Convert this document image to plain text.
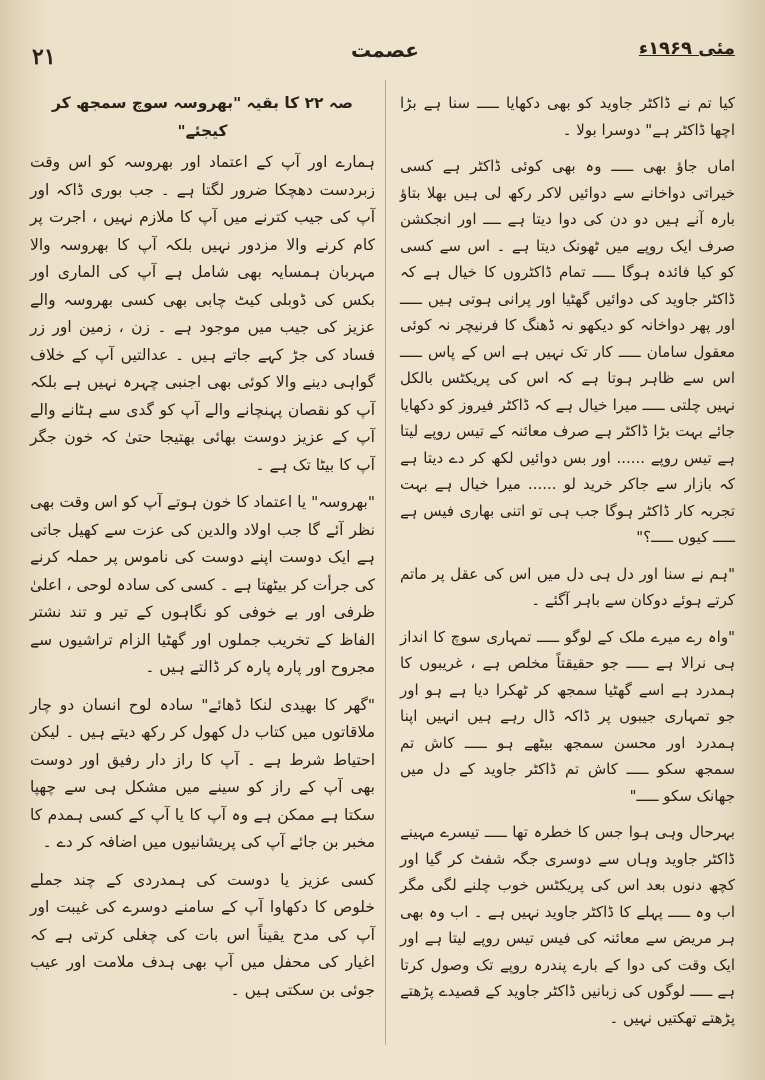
۲۱	عصمت	مئی ۱۹۶۹ء

کیا تم نے ڈاکٹر جاوید کو بھی دکھایا ـــــ سنا ہے بڑا اچھا ڈاکٹر ہے" دوسرا بولا ۔

اماں جاؤ بھی ـــــ وہ بھی کوئی ڈاکٹر ہے کسی خیراتی دواخانے سے دوائیں لاکر رکھ لی ہیں بھلا بتاؤ بارہ آنے ہیں دو دن کی دوا دیتا ہے ــــ اور انجکشن صرف ایک روپے میں ٹھونک دیتا ہے ۔ اس سے کسی کو کیا فائدہ ہوگا ـــــ تمام ڈاکٹروں کا خیال ہے کہ ڈاکٹر جاوید کی دوائیں گھٹیا اور پرانی ہوتی ہیں ـــــ اور پھر دواخانہ کو دیکھو نہ ڈھنگ کا فرنیچر نہ کوئی معقول سامان ـــــ کار تک نہیں ہے اس کے پاس ـــــ اس سے ظاہر ہوتا ہے کہ اس کی پریکٹس بالکل نہیں چلتی ـــــ میرا خیال ہے کہ ڈاکٹر فیروز کو دکھایا جائے بہت بڑا ڈاکٹر ہے صرف معائنہ کے تیس روپے لیتا ہے تیس روپے ...... اور بس دوائیں لکھ کر دے دیتا ہے کہ بازار سے جاکر خرید لو ...... میرا خیال ہے بہت تجربہ کار ڈاکٹر ہوگا جب ہی تو اتنی بھاری فیس ہے ـــــ کیوں ـــــ؟"

"ہم نے سنا اور دل ہی دل میں اس کی عقل پر ماتم کرتے ہوئے دوکان سے باہر آگئے ۔

"واہ رے میرے ملک کے لوگو ـــــ تمہاری سوچ کا انداز ہی نرالا ہے ـــــ جو حقیقتاً مخلص ہے ، غریبوں کا ہمدرد ہے اسے گھٹیا سمجھ کر ٹھکرا دیا ہے ہو اور جو تمہاری جیبوں پر ڈاکہ ڈال رہے ہیں انہیں اپنا ہمدرد اور محسن سمجھ بیٹھے ہو ـــــ کاش تم سمجھ سکو ـــــ کاش تم ڈاکٹر جاوید کے دل میں جھانک سکو ـــــ"

بہرحال وہی ہوا جس کا خطرہ تھا ـــــ تیسرے مہینے ڈاکٹر جاوید وہاں سے دوسری جگہ شفٹ کر گیا اور کچھ دنوں بعد اس کی پریکٹس خوب چلنے لگی مگر اب وہ ـــــ پہلے کا ڈاکٹر جاوید نہیں ہے ۔ اب وہ بھی ہر مریض سے معائنہ کی فیس تیس روپے لیتا ہے اور ایک وقت کی دوا کے بارے پندرہ روپے تک وصول کرتا ہے ـــــ لوگوں کی زبانیں ڈاکٹر جاوید کے قصیدے پڑھتے پڑھتے تھکتیں نہیں ۔

صہ ۲۲ کا بقیہ "بھروسہ سوچ سمجھ کر کیجئے"

ہمارے اور آپ کے اعتماد اور بھروسہ کو اس وقت زبردست دھچکا ضرور لگتا ہے ۔ جب بوری ڈاکہ اور آپ کی جیب کترنے میں آپ کا ملازم نہیں ، اجرت پر کام کرنے والا مزدور نہیں بلکہ آپ کا بھروسہ والا مہربان ہمسایہ بھی شامل ہے آپ کی الماری اور بکس کی ڈوبلی کیٹ چابی بھی کسی بھروسہ والے عزیز کی جیب میں موجود ہے ۔ زن ، زمین اور زر فساد کی جڑ کہے جاتے ہیں ۔ عدالتیں آپ کے خلاف گواہی دینے والا کوئی بھی اجنبی چہرہ نہیں ہے بلکہ آپ کو نقصان پہنچانے والے آپ کو گدی سے ہٹانے والے آپ کے عزیز دوست بھائی بھتیجا حتیٰ کہ خون جگر آپ کا بیٹا تک ہے ۔

"بھروسہ" یا اعتماد کا خون ہوتے آپ کو اس وقت بھی نظر آئے گا جب اولاد والدین کی عزت سے کھیل جاتی ہے ایک دوست اپنے دوست کی ناموس پر حملہ کرنے کی جرأت کر بیٹھتا ہے ۔ کسی کی سادہ لوحی ، اعلیٰ ظرفی اور بے خوفی کو نگاہوں کے تیر و تند نشتر الفاظ کے تخریب جملوں اور گھٹیا الزام تراشیوں سے مجروح اور پارہ پارہ کر ڈالتے ہیں ۔

"گھر کا بھیدی لنکا ڈھائے" سادہ لوح انسان دو چار ملاقاتوں میں کتاب دل کھول کر رکھ دیتے ہیں ۔ لیکن احتیاط شرط ہے ۔ آپ کا راز دار رفیق اور دوست بھی آپ کے راز کو سینے میں مشکل ہی سے چھپا سکتا ہے ممکن ہے وہ آپ کا یا آپ کے کسی ہمدم کا مخبر بن جائے آپ کی پریشانیوں میں اضافہ کر دے ۔

کسی عزیز یا دوست کی ہمدردی کے چند جملے خلوص کا دکھاوا آپ کے سامنے دوسرے کی غیبت اور آپ کی مدح یقیناً اس بات کی چغلی کرتی ہے کہ اغیار کی محفل میں آپ بھی ہدف ملامت اور عیب جوئی بن سکتی ہیں ۔
